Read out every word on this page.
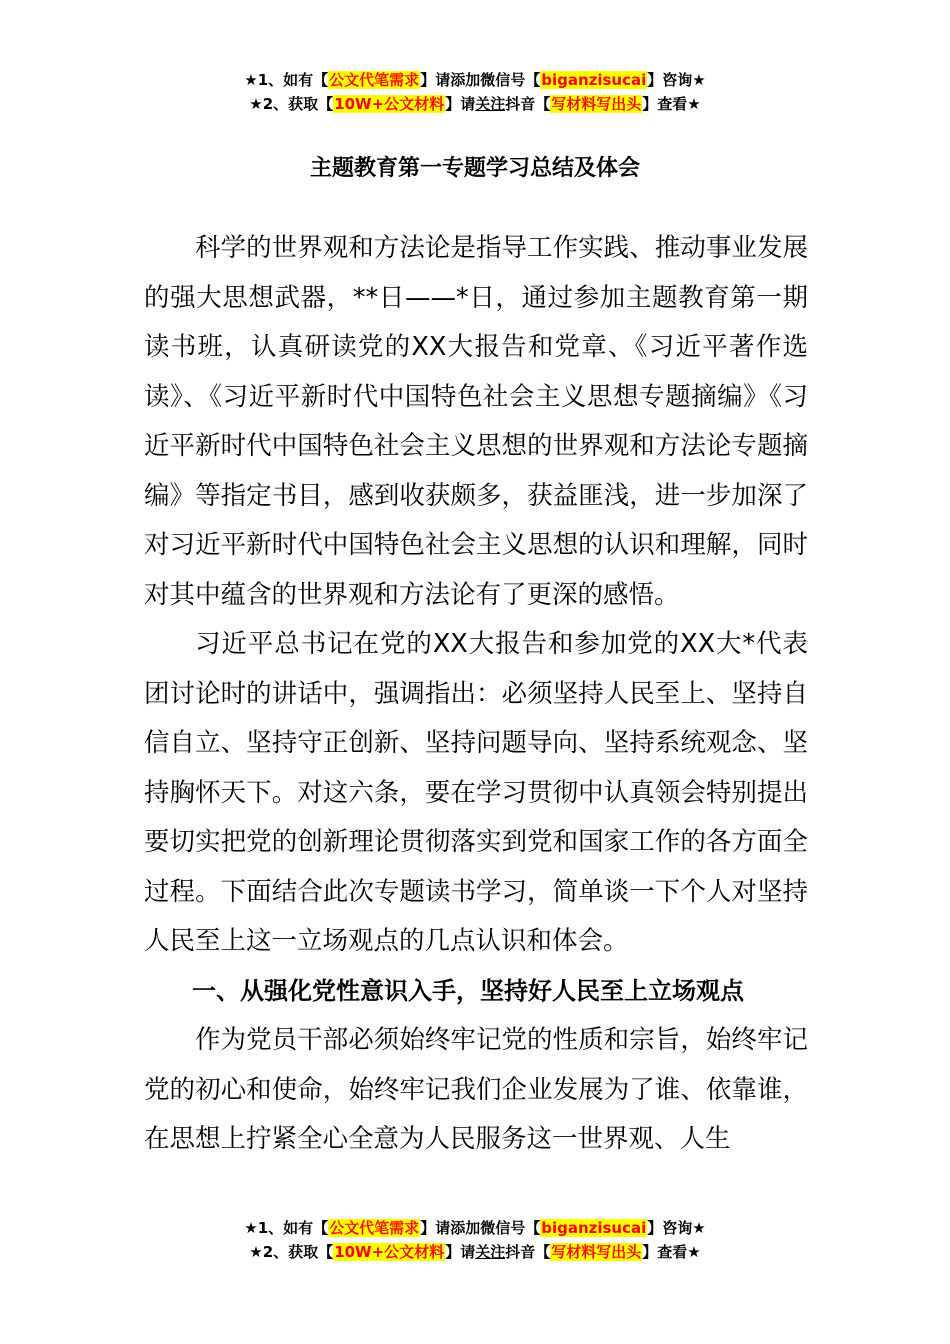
★1、如有【公文代笔需求】请添加微信号【biganzisucai】咨询★
★2、获取【10W+公文材料】请关注抖音【写材料写出头】查看★
主题教育第一专题学习总结及体会

科学的世界观和方法论是指导工作实践、推动事业发展的强大思想武器，**日——*日，通过参加主题教育第一期读书班，认真研读党的XX大报告和党章、《习近平著作选读》、《习近平新时代中国特色社会主义思想专题摘编》《习近平新时代中国特色社会主义思想的世界观和方法论专题摘编》等指定书目，感到收获颇多，获益匪浅，进一步加深了对习近平新时代中国特色社会主义思想的认识和理解，同时对其中蕴含的世界观和方法论有了更深的感悟。

习近平总书记在党的XX大报告和参加党的XX大*代表团讨论时的讲话中，强调指出：必须坚持人民至上、坚持自信自立、坚持守正创新、坚持问题导向、坚持系统观念、坚持胸怀天下。对这六条，要在学习贯彻中认真领会特别提出要切实把党的创新理论贯彻落实到党和国家工作的各方面全过程。下面结合此次专题读书学习，简单谈一下个人对坚持人民至上这一立场观点的几点认识和体会。

一、从强化党性意识入手，坚持好人民至上立场观点

作为党员干部必须始终牢记党的性质和宗旨，始终牢记党的初心和使命，始终牢记我们企业发展为了谁、依靠谁，在思想上拧紧全心全意为人民服务这一世界观、人生

★1、如有【公文代笔需求】请添加微信号【biganzisucai】咨询★
★2、获取【10W+公文材料】请关注抖音【写材料写出头】查看★
